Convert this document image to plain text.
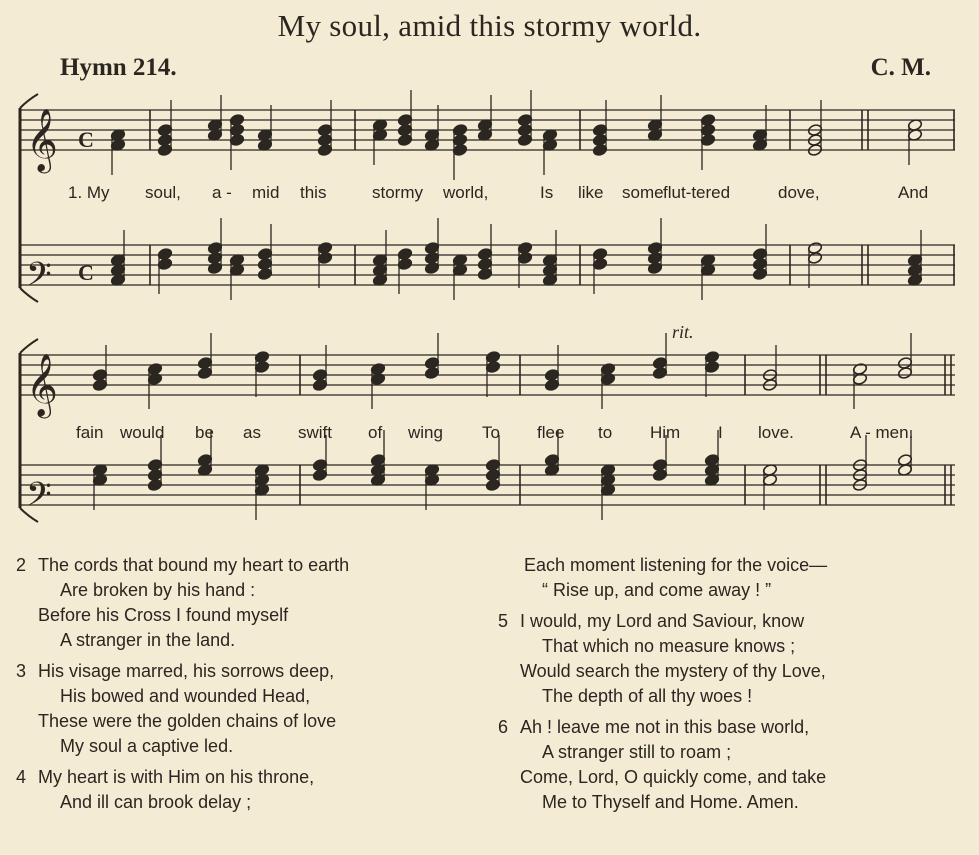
My soul, amid this stormy world.
Hymn 214.	C. M.
𝄞
𝄢
𝄞
𝄢
C
C
rit.
1. My soul, a - mid this	stormy world,	Is like some flut-tered	dove,	And
fain would be as swift of wing To flee to Him I love.	A - men.
2 The cords that bound my heart to earth
Are broken by his hand :
Before his Cross I found myself
A stranger in the land.
3 His visage marred, his sorrows deep,
His bowed and wounded Head,
These were the golden chains of love
My soul a captive led.
4 My heart is with Him on his throne,
And ill can brook delay ;
Each moment listening for the voice—
“ Rise up, and come away ! ”
5 I would, my Lord and Saviour, know
That which no measure knows ;
Would search the mystery of thy Love,
The depth of all thy woes !
6 Ah ! leave me not in this base world,
A stranger still to roam ;
Come, Lord, O quickly come, and take
Me to Thyself and Home. Amen.
